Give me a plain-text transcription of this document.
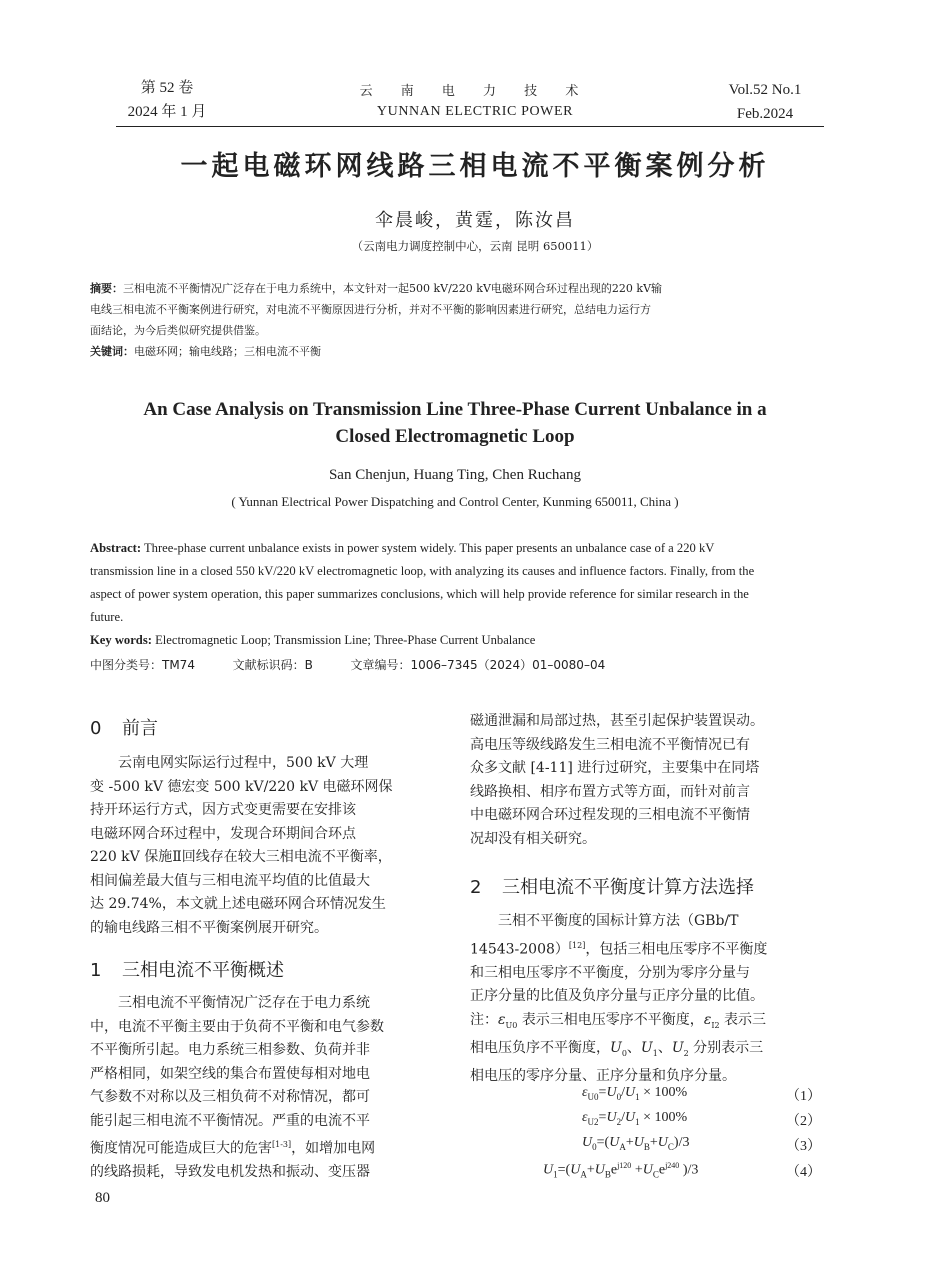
第 52 卷
2024 年 1 月
云 南 电 力 技 术
YUNNAN ELECTRIC POWER
Vol.52 No.1
Feb.2024
一起电磁环网线路三相电流不平衡案例分析
伞晨峻，黄霆，陈汝昌
（云南电力调度控制中心，云南 昆明 650011）
摘要：三相电流不平衡情况广泛存在于电力系统中，本文针对一起500 kV/220 kV电磁环网合环过程出现的220 kV输
电线三相电流不平衡案例进行研究，对电流不平衡原因进行分析，并对不平衡的影响因素进行研究，总结电力运行方
面结论，为今后类似研究提供借鉴。
关键词：电磁环网；输电线路；三相电流不平衡
An Case Analysis on Transmission Line Three-Phase Current Unbalance in a
Closed Electromagnetic Loop
San Chenjun, Huang Ting, Chen Ruchang
( Yunnan Electrical Power Dispatching and Control Center, Kunming 650011, China )
Abstract: Three-phase current unbalance exists in power system widely. This paper presents an unbalance case of a 220 kV
transmission line in a closed 550 kV/220 kV electromagnetic loop, with analyzing its causes and influence factors. Finally, from the
aspect of power system operation, this paper summarizes conclusions, which will help provide reference for similar research in the
future.
Key words: Electromagnetic Loop; Transmission Line; Three-Phase Current Unbalance
中图分类号：TM74	文献标识码：B	文章编号：1006–7345（2024）01–0080–04
0 前言
云南电网实际运行过程中，500 kV 大理
变 -500 kV 德宏变 500 kV/220 kV 电磁环网保
持开环运行方式，因方式变更需要在安排该
电磁环网合环过程中，发现合环期间合环点
220 kV 保施Ⅱ回线存在较大三相电流不平衡率，
相间偏差最大值与三相电流平均值的比值最大
达 29.74%，本文就上述电磁环网合环情况发生
的输电线路三相不平衡案例展开研究。
1 三相电流不平衡概述
三相电流不平衡情况广泛存在于电力系统
中，电流不平衡主要由于负荷不平衡和电气参数
不平衡所引起。电力系统三相参数、负荷并非
严格相同，如架空线的集合布置使每相对地电
气参数不对称以及三相负荷不对称情况，都可
能引起三相电流不平衡情况。严重的电流不平
衡度情况可能造成巨大的危害[1-3]，如增加电网
的线路损耗，导致发电机发热和振动、变压器
80
磁通泄漏和局部过热，甚至引起保护装置误动。
高电压等级线路发生三相电流不平衡情况已有
众多文献 [4-11] 进行过研究，主要集中在同塔
线路换相、相序布置方式等方面，而针对前言
中电磁环网合环过程发现的三相电流不平衡情
况却没有相关研究。
2 三相电流不平衡度计算方法选择
三相不平衡度的国标计算方法（GBb/T
14543-2008）[12]，包括三相电压零序不平衡度
和三相电压零序不平衡度，分别为零序分量与
正序分量的比值及负序分量与正序分量的比值。
注：$\varepsilon_{U0}$ 表示三相电压零序不平衡度，$\varepsilon_{I2}$ 表示三
相电压负序不平衡度，$U_0$、$U_1$、$U_2$ 分别表示三
相电压的零序分量、正序分量和负序分量。
$\varepsilon_{U0}=U_0/U_1 \times 100\%$	（1）
$\varepsilon_{U2}=U_2/U_1 \times 100\%$	（2）
$U_0=(U_A+U_B+U_C)/3$	（3）
$U_1=(U_A+U_Be^{j120} +U_Ce^{j240}$ )/3	（4）
